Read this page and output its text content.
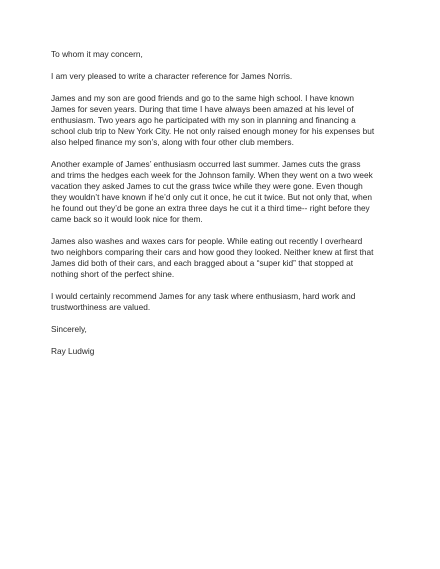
To whom it may concern,

I am very pleased to write a character reference for James Norris.

James and my son are good friends and go to the same high school. I have known
James for seven years. During that time I have always been amazed at his level of
enthusiasm. Two years ago he participated with my son in planning and financing a
school club trip to New York City. He not only raised enough money for his expenses but
also helped finance my son’s, along with four other club members.

Another example of James’ enthusiasm occurred last summer. James cuts the grass
and trims the hedges each week for the Johnson family. When they went on a two week
vacation they asked James to cut the grass twice while they were gone. Even though
they wouldn’t have known if he’d only cut it once, he cut it twice. But not only that, when
he found out they’d be gone an extra three days he cut it a third time-- right before they
came back so it would look nice for them.

James also washes and waxes cars for people. While eating out recently I overheard
two neighbors comparing their cars and how good they looked. Neither knew at first that
James did both of their cars, and each bragged about a “super kid” that stopped at
nothing short of the perfect shine.

I would certainly recommend James for any task where enthusiasm, hard work and
trustworthiness are valued.

Sincerely,

Ray Ludwig
